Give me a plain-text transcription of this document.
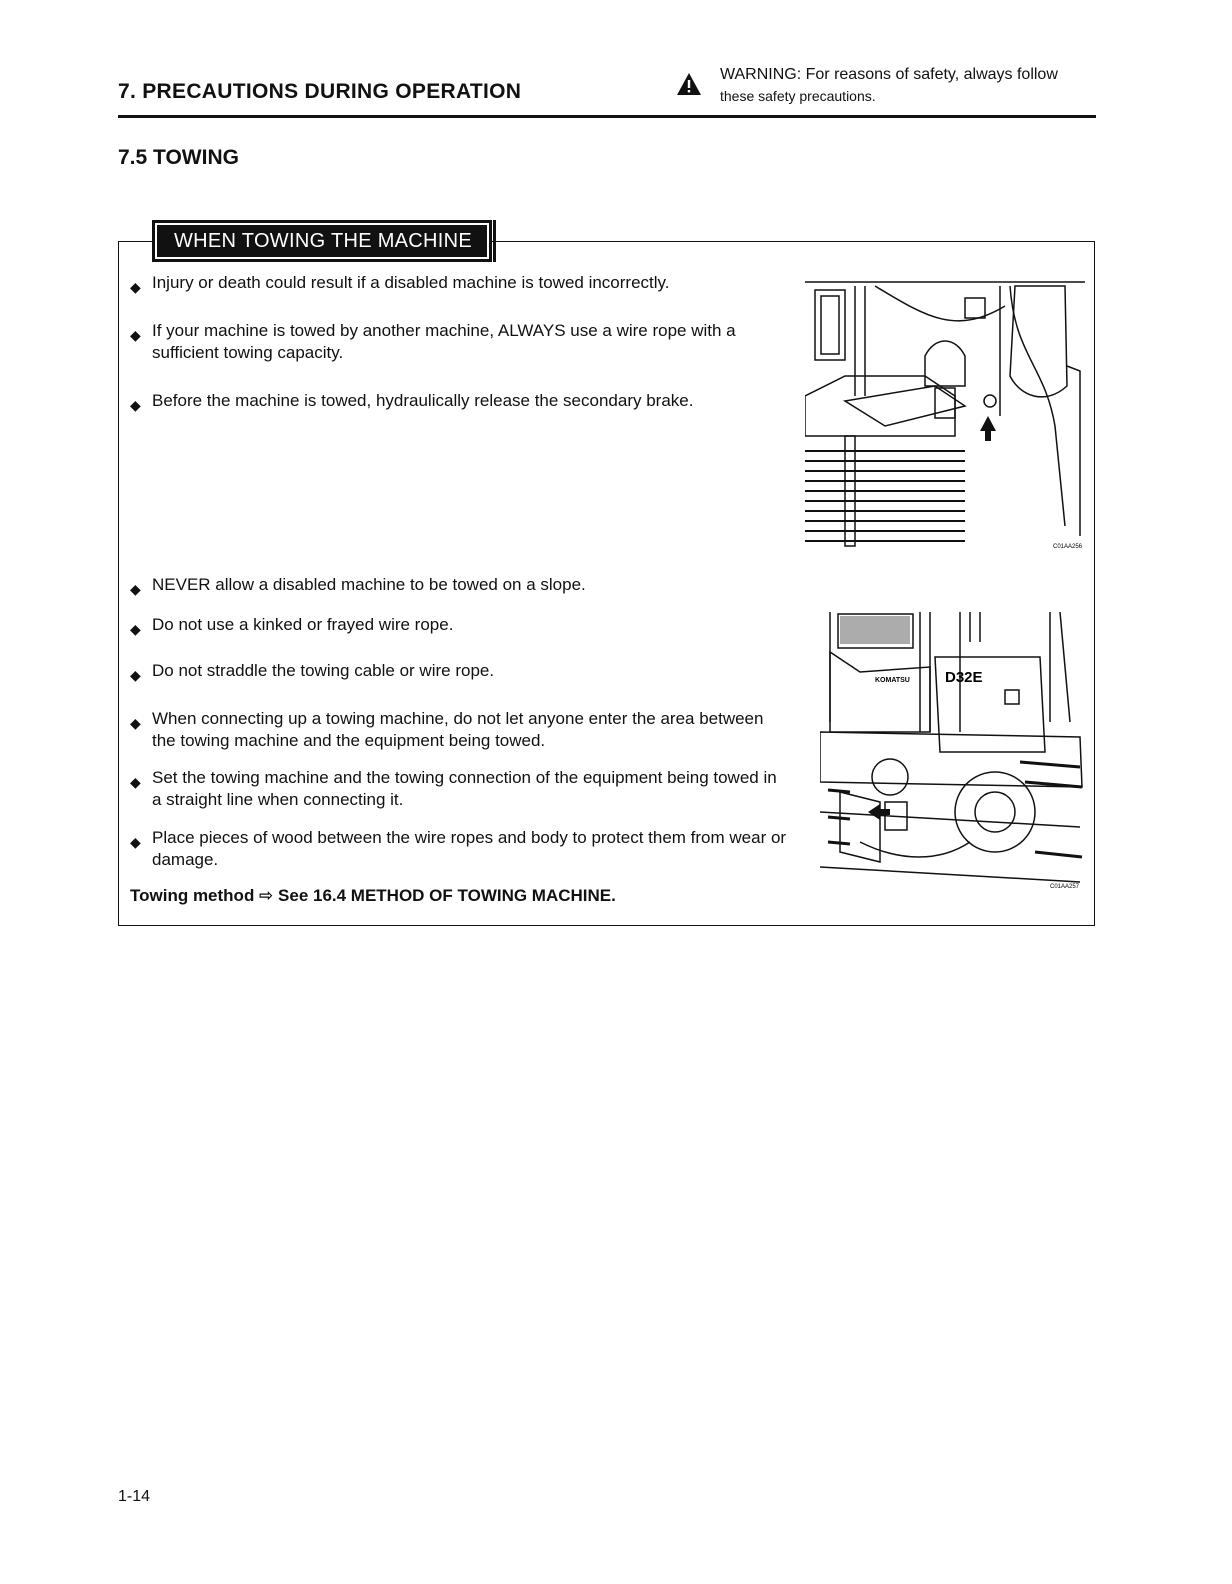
7. PRECAUTIONS DURING OPERATION
WARNING: For reasons of safety, always follow
these safety precautions.
7.5 TOWING
WHEN TOWING THE MACHINE
◆ Injury or death could result if a disabled machine is towed incorrectly.
◆ If your machine is towed by another machine, ALWAYS use a wire rope with a sufficient towing capacity.
◆ Before the machine is towed, hydraulically release the secondary brake.
◆ NEVER allow a disabled machine to be towed on a slope.
◆ Do not use a kinked or frayed wire rope.
◆ Do not straddle the towing cable or wire rope.
◆ When connecting up a towing machine, do not let anyone enter the area between the towing machine and the equipment being towed.
◆ Set the towing machine and the towing connection of the equipment being towed in a straight line when connecting it.
◆ Place pieces of wood between the wire ropes and body to protect them from wear or damage.
Towing method ⇨ See 16.4 METHOD OF TOWING MACHINE.
C01AA256
KOMATSU D32E
C01AA257
1-14
